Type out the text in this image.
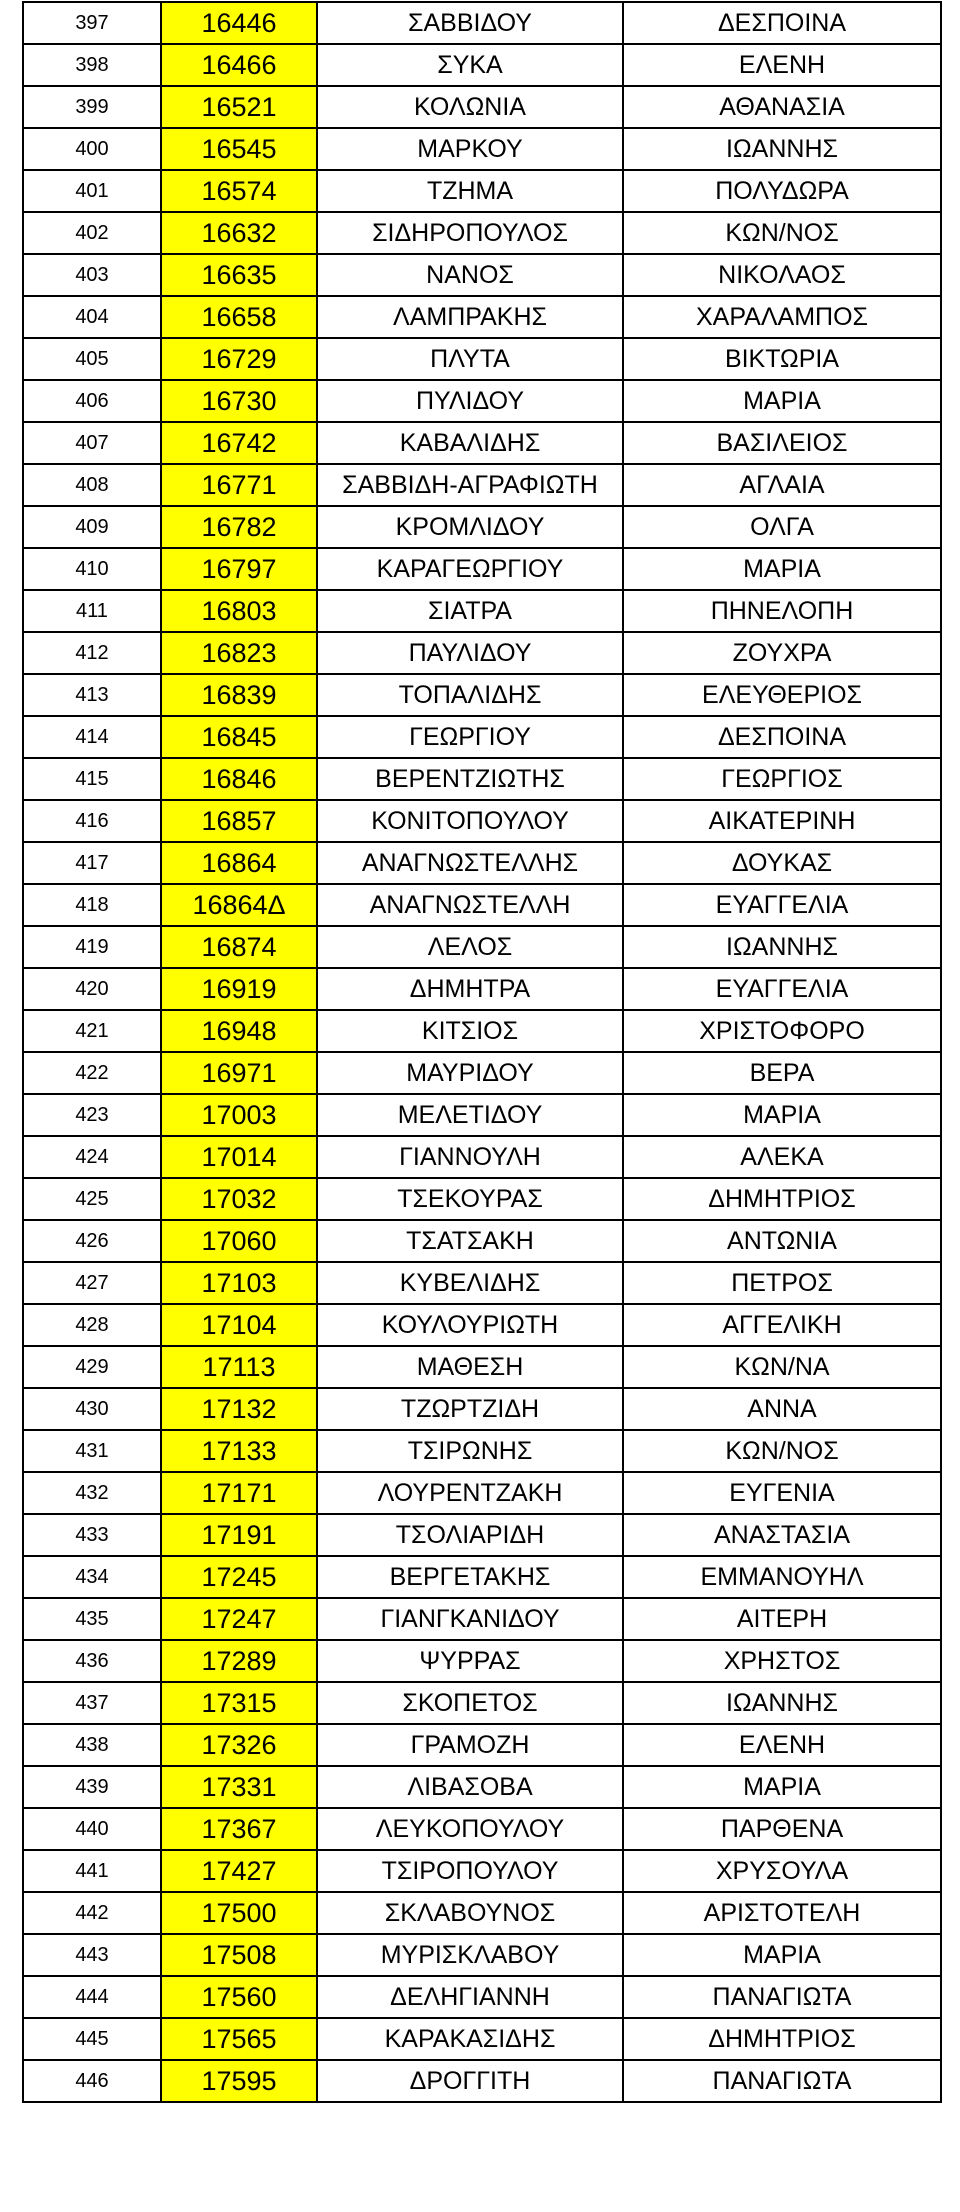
397	16446	ΣΑΒΒΙΔΟΥ	ΔΕΣΠΟΙΝΑ
398	16466	ΣΥΚΑ	ΕΛΕΝΗ
399	16521	ΚΟΛΩΝΙΑ	ΑΘΑΝΑΣΙΑ
400	16545	ΜΑΡΚΟΥ	ΙΩΑΝΝΗΣ
401	16574	ΤΖΗΜΑ	ΠΟΛΥΔΩΡΑ
402	16632	ΣΙΔΗΡΟΠΟΥΛΟΣ	ΚΩΝ/ΝΟΣ
403	16635	ΝΑΝΟΣ	ΝΙΚΟΛΑΟΣ
404	16658	ΛΑΜΠΡΑΚΗΣ	ΧΑΡΑΛΑΜΠΟΣ
405	16729	ΠΛΥΤΑ	ΒΙΚΤΩΡΙΑ
406	16730	ΠΥΛΙΔΟΥ	ΜΑΡΙΑ
407	16742	ΚΑΒΑΛΙΔΗΣ	ΒΑΣΙΛΕΙΟΣ
408	16771	ΣΑΒΒΙΔΗ-ΑΓΡΑΦΙΩΤΗ	ΑΓΛΑΙΑ
409	16782	ΚΡΟΜΛΙΔΟΥ	ΟΛΓΑ
410	16797	ΚΑΡΑΓΕΩΡΓΙΟΥ	ΜΑΡΙΑ
411	16803	ΣΙΑΤΡΑ	ΠΗΝΕΛΟΠΗ
412	16823	ΠΑΥΛΙΔΟΥ	ΖΟΥΧΡΑ
413	16839	ΤΟΠΑΛΙΔΗΣ	ΕΛΕΥΘΕΡΙΟΣ
414	16845	ΓΕΩΡΓΙΟΥ	ΔΕΣΠΟΙΝΑ
415	16846	ΒΕΡΕΝΤΖΙΩΤΗΣ	ΓΕΩΡΓΙΟΣ
416	16857	ΚΟΝΙΤΟΠΟΥΛΟΥ	ΑΙΚΑΤΕΡΙΝΗ
417	16864	ΑΝΑΓΝΩΣΤΕΛΛΗΣ	ΔΟΥΚΑΣ
418	16864Δ	ΑΝΑΓΝΩΣΤΕΛΛΗ	ΕΥΑΓΓΕΛΙΑ
419	16874	ΛΕΛΟΣ	ΙΩΑΝΝΗΣ
420	16919	ΔΗΜΗΤΡΑ	ΕΥΑΓΓΕΛΙΑ
421	16948	ΚΙΤΣΙΟΣ	ΧΡΙΣΤΟΦΟΡΟ
422	16971	ΜΑΥΡΙΔΟΥ	ΒΕΡΑ
423	17003	ΜΕΛΕΤΙΔΟΥ	ΜΑΡΙΑ
424	17014	ΓΙΑΝΝΟΥΛΗ	ΑΛΕΚΑ
425	17032	ΤΣΕΚΟΥΡΑΣ	ΔΗΜΗΤΡΙΟΣ
426	17060	ΤΣΑΤΣΑΚΗ	ΑΝΤΩΝΙΑ
427	17103	ΚΥΒΕΛΙΔΗΣ	ΠΕΤΡΟΣ
428	17104	ΚΟΥΛΟΥΡΙΩΤΗ	ΑΓΓΕΛΙΚΗ
429	17113	ΜΑΘΕΣΗ	ΚΩΝ/ΝΑ
430	17132	ΤΖΩΡΤΖΙΔΗ	ΑΝΝΑ
431	17133	ΤΣΙΡΩΝΗΣ	ΚΩΝ/ΝΟΣ
432	17171	ΛΟΥΡΕΝΤΖΑΚΗ	ΕΥΓΕΝΙΑ
433	17191	ΤΣΟΛΙΑΡΙΔΗ	ΑΝΑΣΤΑΣΙΑ
434	17245	ΒΕΡΓΕΤΑΚΗΣ	ΕΜΜΑΝΟΥΗΛ
435	17247	ΓΙΑΝΓΚΑΝΙΔΟΥ	ΑΙΤΕΡΗ
436	17289	ΨΥΡΡΑΣ	ΧΡΗΣΤΟΣ
437	17315	ΣΚΟΠΕΤΟΣ	ΙΩΑΝΝΗΣ
438	17326	ΓΡΑΜΟΖΗ	ΕΛΕΝΗ
439	17331	ΛΙΒΑΣΟΒΑ	ΜΑΡΙΑ
440	17367	ΛΕΥΚΟΠΟΥΛΟΥ	ΠΑΡΘΕΝΑ
441	17427	ΤΣΙΡΟΠΟΥΛΟΥ	ΧΡΥΣΟΥΛΑ
442	17500	ΣΚΛΑΒΟΥΝΟΣ	ΑΡΙΣΤΟΤΕΛΗ
443	17508	ΜΥΡΙΣΚΛΑΒΟΥ	ΜΑΡΙΑ
444	17560	ΔΕΛΗΓΙΑΝΝΗ	ΠΑΝΑΓΙΩΤΑ
445	17565	ΚΑΡΑΚΑΣΙΔΗΣ	ΔΗΜΗΤΡΙΟΣ
446	17595	ΔΡΟΓΓΙΤΗ	ΠΑΝΑΓΙΩΤΑ
